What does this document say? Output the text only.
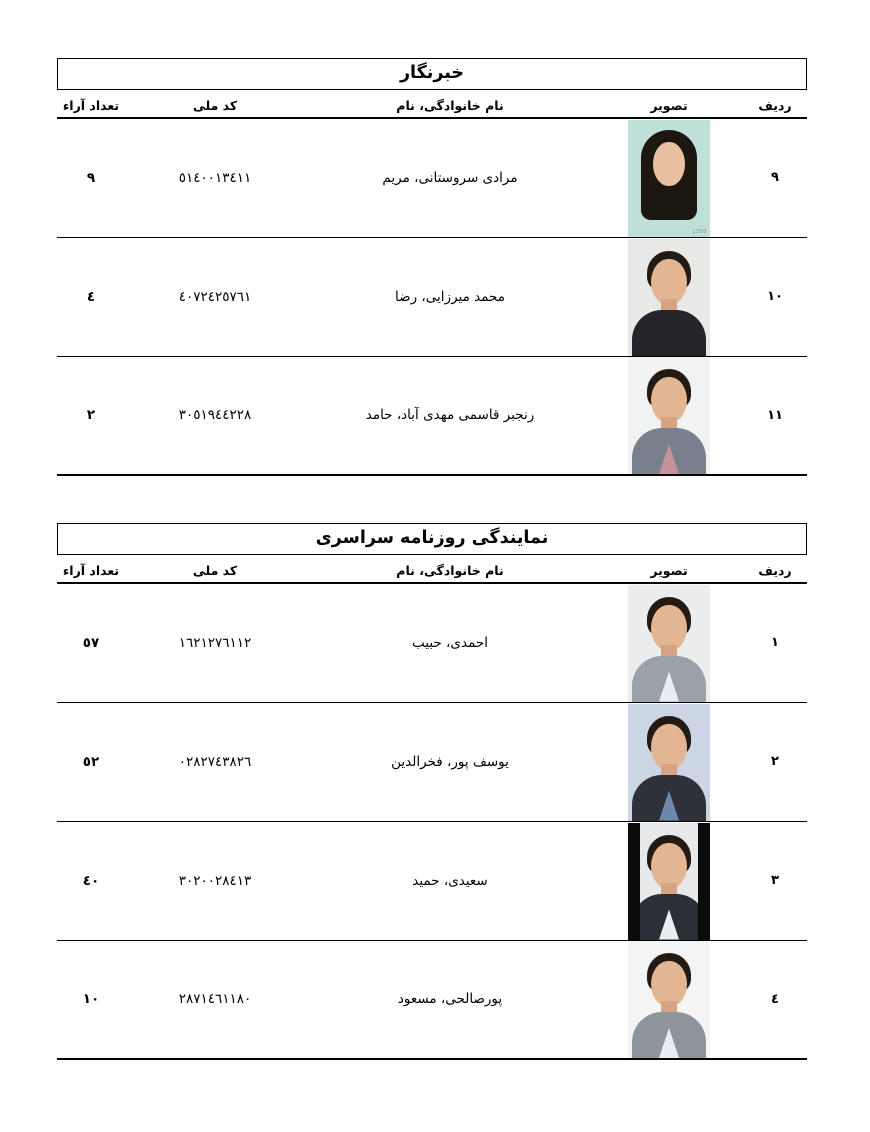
خبرنگار
ردیف
تصویر
نام خانوادگی، نام
کد ملی
تعداد آراء
٩
1350
مرادی سروستانی، مریم
٥١٤٠٠١٣٤١١
٩
١٠
محمد میرزایی، رضا
٤٠٧٢٤٢٥٧٦١
٤
١١
رنجبر قاسمی مهدی آباد، حامد
٣٠٥١٩٤٤٢٢٨
٢
نمایندگی روزنامه سراسری
ردیف
تصویر
نام خانوادگی، نام
کد ملی
تعداد آراء
١
احمدی، حبیب
١٦٢١٢٧٦١١٢
٥٧
٢
یوسف پور، فخرالدین
٠٢٨٢٧٤٣٨٢٦
٥٢
٣
سعیدی، حمید
٣٠٢٠٠٢٨٤١٣
٤٠
٤
پورصالحی، مسعود
٢٨٧١٤٦١١٨٠
١٠
